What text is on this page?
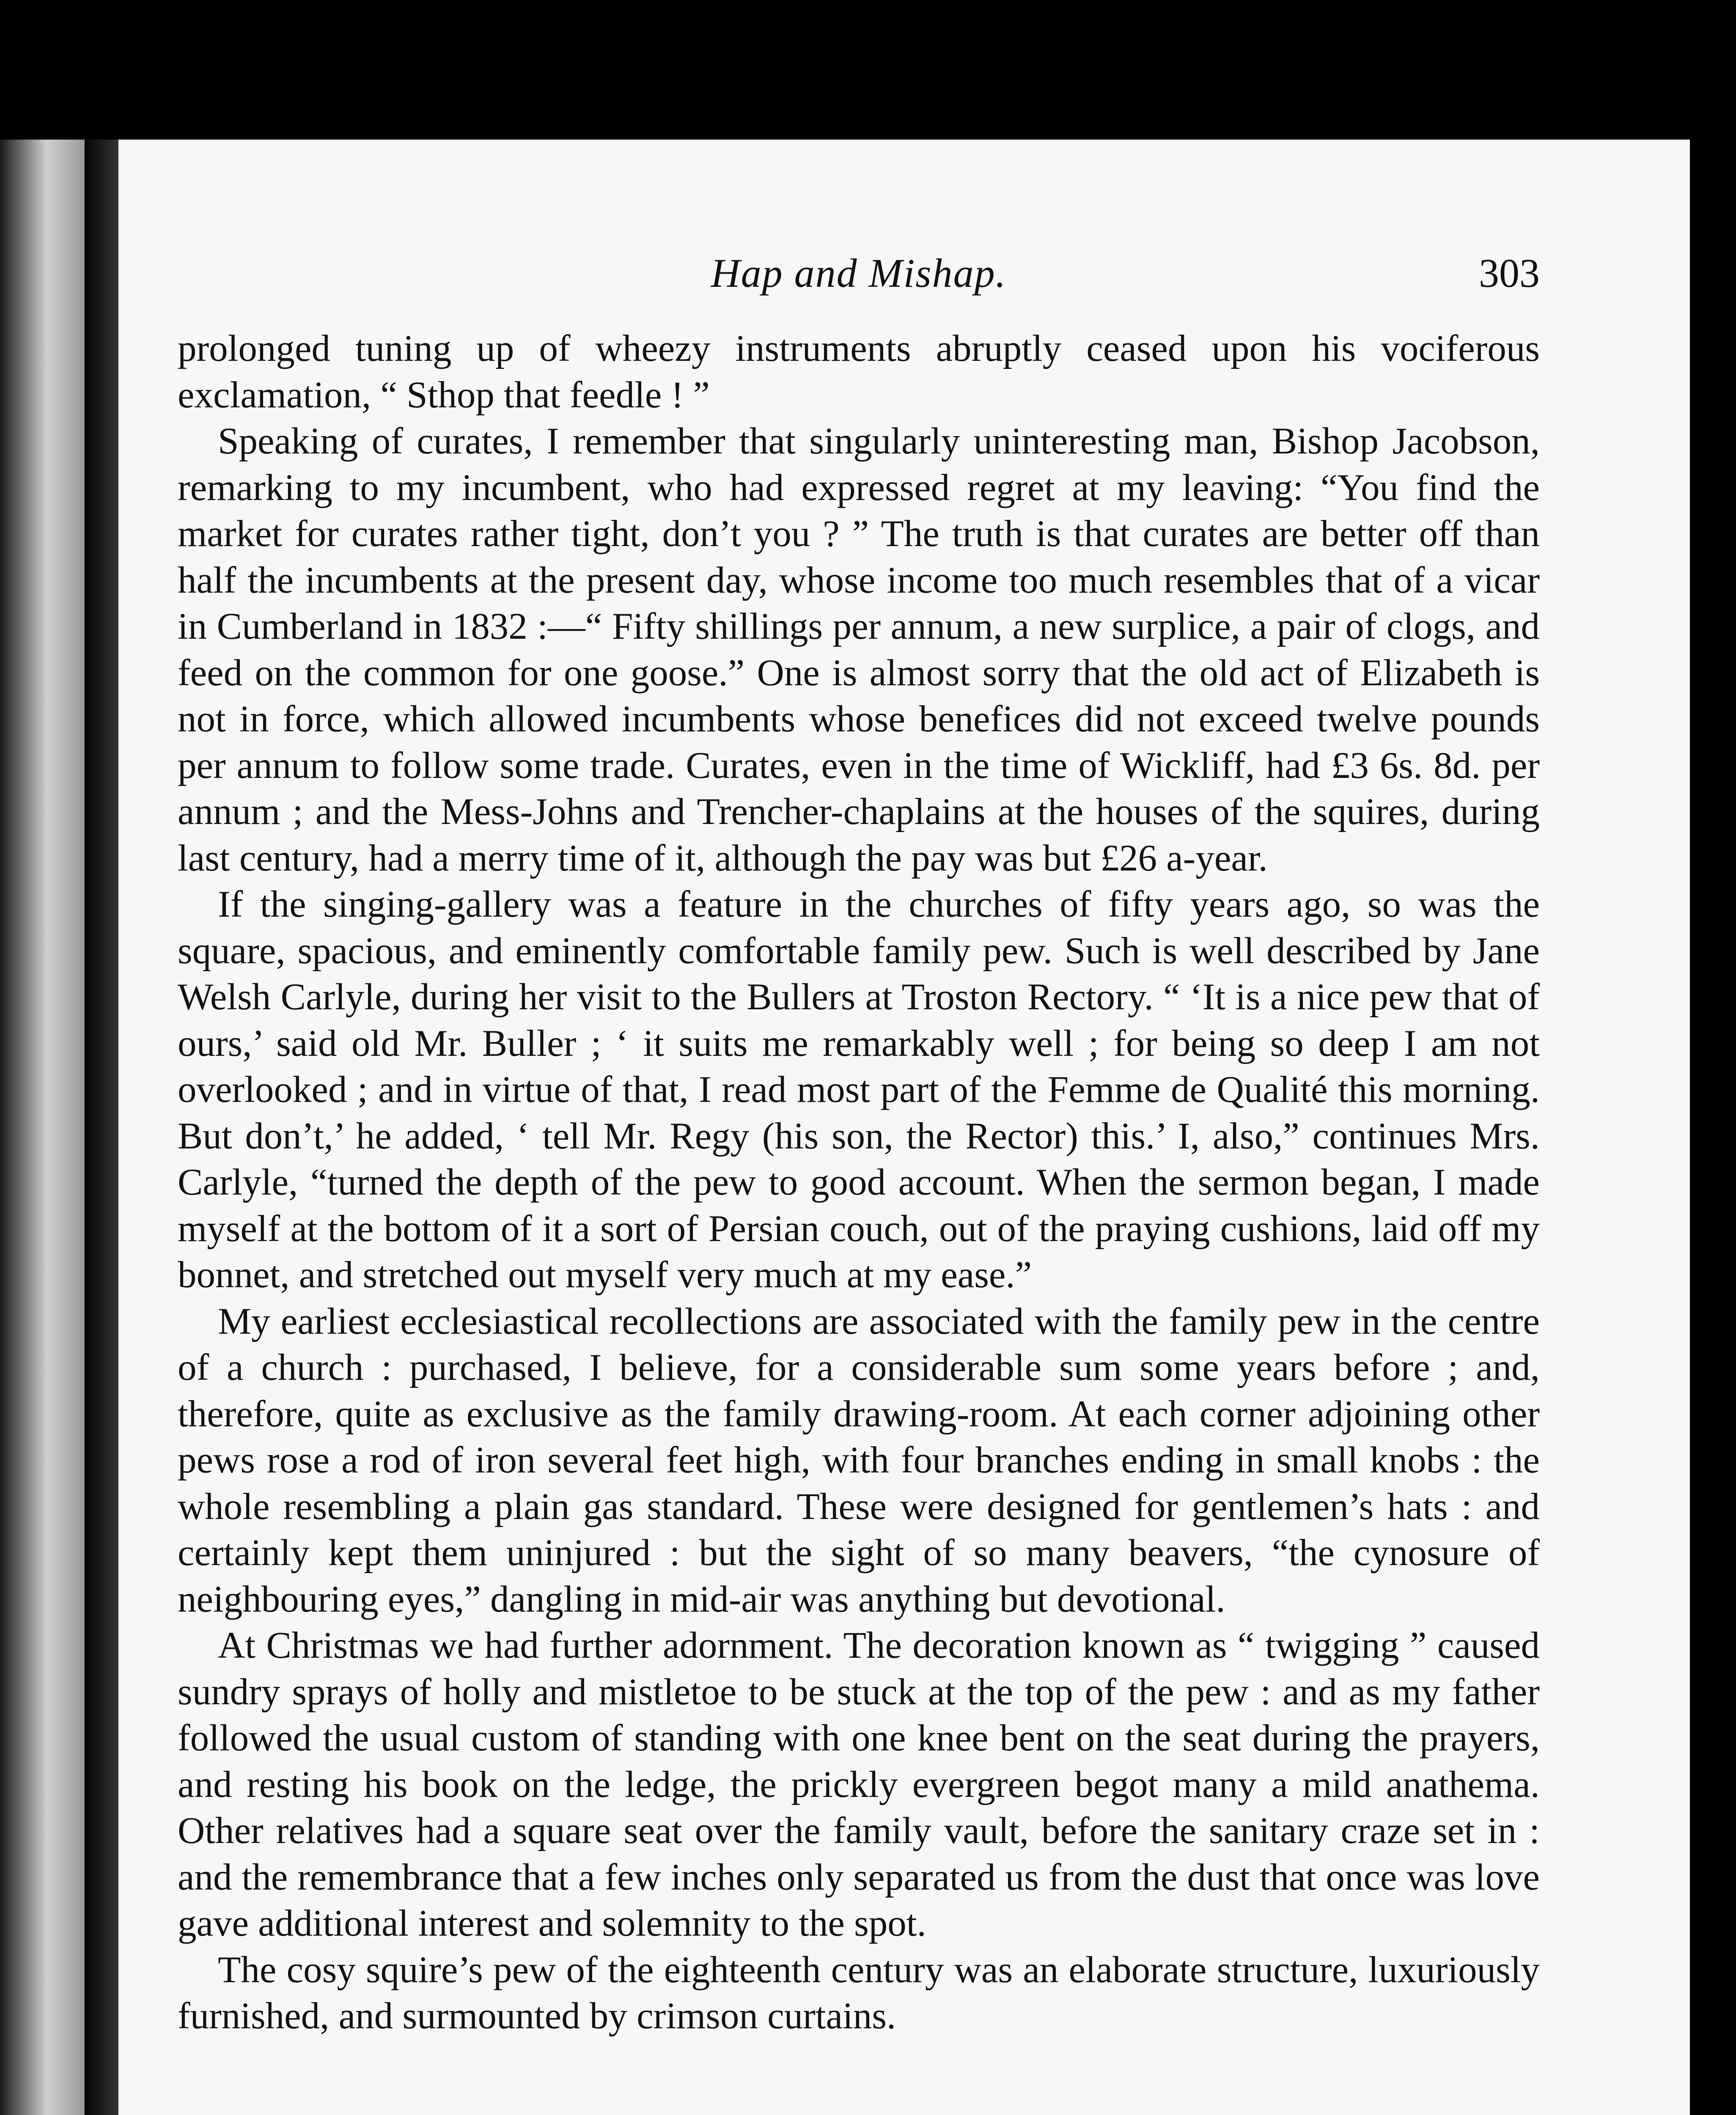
Hap and Mishap.	303

prolonged tuning up of wheezy instruments abruptly ceased upon his vociferous exclamation, “ Sthop that feedle ! ”

Speaking of curates, I remember that singularly uninteresting man, Bishop Jacobson, remarking to my incumbent, who had expressed regret at my leaving: “You find the market for curates rather tight, don’t you ? ” The truth is that curates are better off than half the incumbents at the present day, whose income too much resembles that of a vicar in Cumberland in 1832 :—“ Fifty shillings per annum, a new surplice, a pair of clogs, and feed on the common for one goose.” One is almost sorry that the old act of Elizabeth is not in force, which allowed incumbents whose benefices did not exceed twelve pounds per annum to follow some trade. Curates, even in the time of Wickliff, had £3 6s. 8d. per annum ; and the Mess-Johns and Trencher-chaplains at the houses of the squires, during last century, had a merry time of it, although the pay was but £26 a-year.

If the singing-gallery was a feature in the churches of fifty years ago, so was the square, spacious, and eminently comfortable family pew. Such is well described by Jane Welsh Carlyle, during her visit to the Bullers at Troston Rectory. “ ‘It is a nice pew that of ours,’ said old Mr. Buller ; ‘ it suits me remarkably well ; for being so deep I am not overlooked ; and in virtue of that, I read most part of the Femme de Qualité this morning. But don’t,’ he added, ‘ tell Mr. Regy (his son, the Rector) this.’ I, also,” continues Mrs. Carlyle, “turned the depth of the pew to good account. When the sermon began, I made myself at the bottom of it a sort of Persian couch, out of the praying cushions, laid off my bonnet, and stretched out myself very much at my ease.”

My earliest ecclesiastical recollections are associated with the family pew in the centre of a church : purchased, I believe, for a considerable sum some years before ; and, therefore, quite as exclusive as the family drawing-room. At each corner adjoining other pews rose a rod of iron several feet high, with four branches ending in small knobs : the whole resembling a plain gas standard. These were designed for gentlemen’s hats : and certainly kept them uninjured : but the sight of so many beavers, “the cynosure of neighbouring eyes,” dangling in mid-air was anything but devotional.

At Christmas we had further adornment. The decoration known as “ twigging ” caused sundry sprays of holly and mistletoe to be stuck at the top of the pew : and as my father followed the usual custom of standing with one knee bent on the seat during the prayers, and resting his book on the ledge, the prickly evergreen begot many a mild anathema. Other relatives had a square seat over the family vault, before the sanitary craze set in : and the remembrance that a few inches only separated us from the dust that once was love gave additional interest and solemnity to the spot.

The cosy squire’s pew of the eighteenth century was an elaborate structure, luxuriously furnished, and surmounted by crimson curtains.
